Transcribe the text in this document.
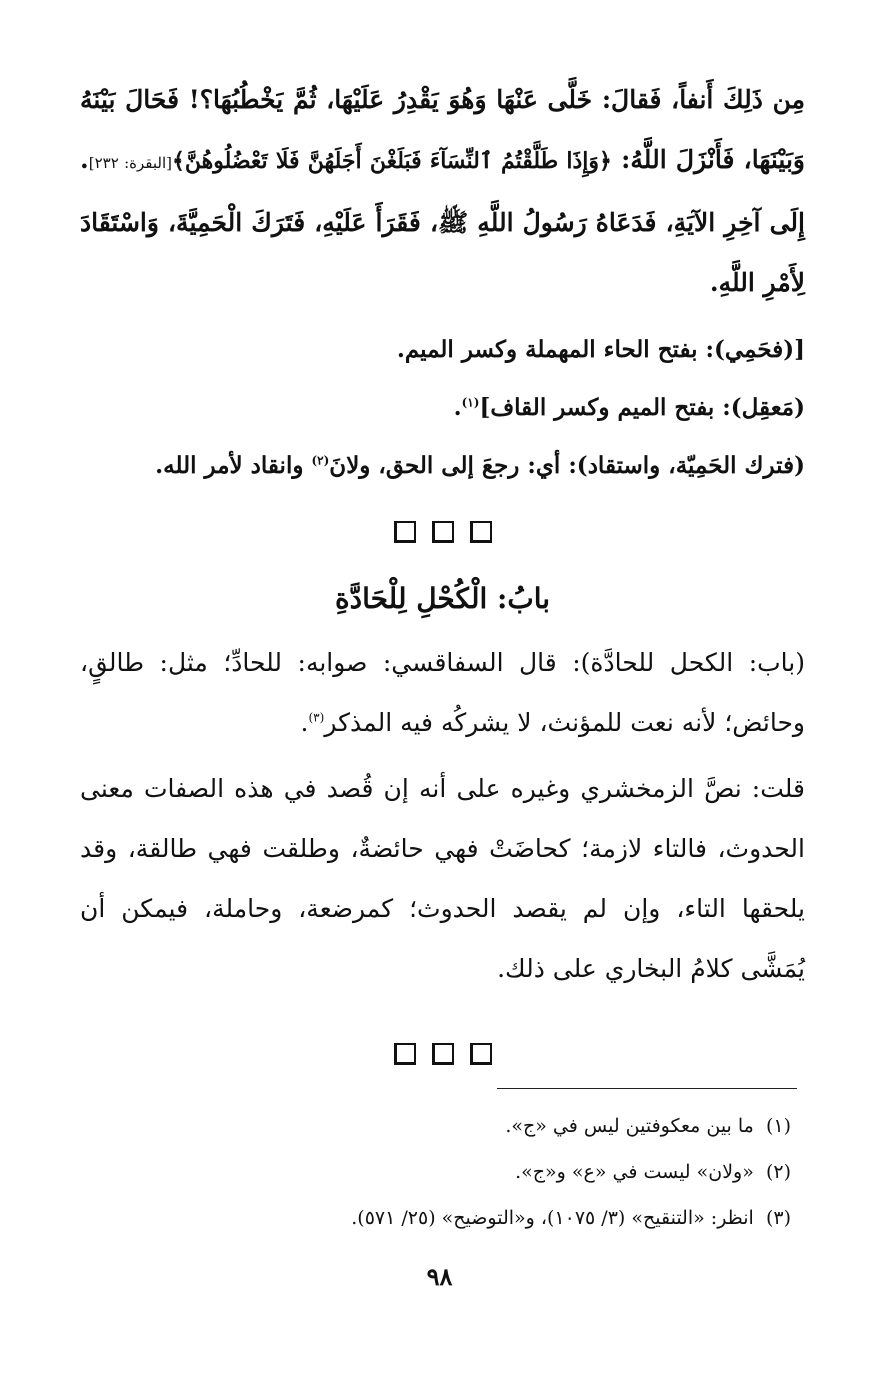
مِن ذَلِكَ أَنفاً، فَقالَ: خَلَّى عَنْهَا وَهُوَ يَقْدِرُ عَلَيْهَا، ثُمَّ يَخْطُبُهَا؟! فَحَالَ بَيْنَهُ وَبَيْنَهَا، فَأَنْزَلَ اللَّهُ: ﴿وَإِذَا طَلَّقْتُمُ ٱلنِّسَآءَ فَبَلَغْنَ أَجَلَهُنَّ فَلَا تَعْضُلُوهُنَّ﴾[البقرة: ٢٣٢]. إِلَى آخِرِ الآيَةِ، فَدَعَاهُ رَسُولُ اللَّهِ ﷺ، فَقَرَأَ عَلَيْهِ، فَتَرَكَ الْحَمِيَّةَ، وَاسْتَقَادَ لِأَمْرِ اللَّهِ.

[(فحَمِي): بفتح الحاء المهملة وكسر الميم.

(مَعقِل): بفتح الميم وكسر القاف]$^{(١)}$.

(فترك الحَمِيّة، واستقاد): أي: رجعَ إلى الحق، ولانَ$^{(٢)}$ وانقاد لأمر الله.

بابُ: الْكُحْلِ لِلْحَادَّةِ

(باب: الكحل للحادَّة): قال السفاقسي: صوابه: للحادِّ؛ مثل: طالقٍ، وحائض؛ لأنه نعت للمؤنث، لا يشركُه فيه المذكر$^{(٣)}$.

قلت: نصَّ الزمخشري وغيره على أنه إن قُصد في هذه الصفات معنى الحدوث، فالتاء لازمة؛ كحاضَتْ فهي حائضةٌ، وطلقت فهي طالقة، وقد يلحقها التاء، وإن لم يقصد الحدوث؛ كمرضعة، وحاملة، فيمكن أن يُمَشَّى كلامُ البخاري على ذلك.

(١)  ما بين معكوفتين ليس في «ج».

(٢)  «ولان» ليست في «ع» و«ج».

(٣)  انظر: «التنقيح» (٣/ ١٠٧٥)، و«التوضيح» (٢٥/ ٥٧١).

٩٨
